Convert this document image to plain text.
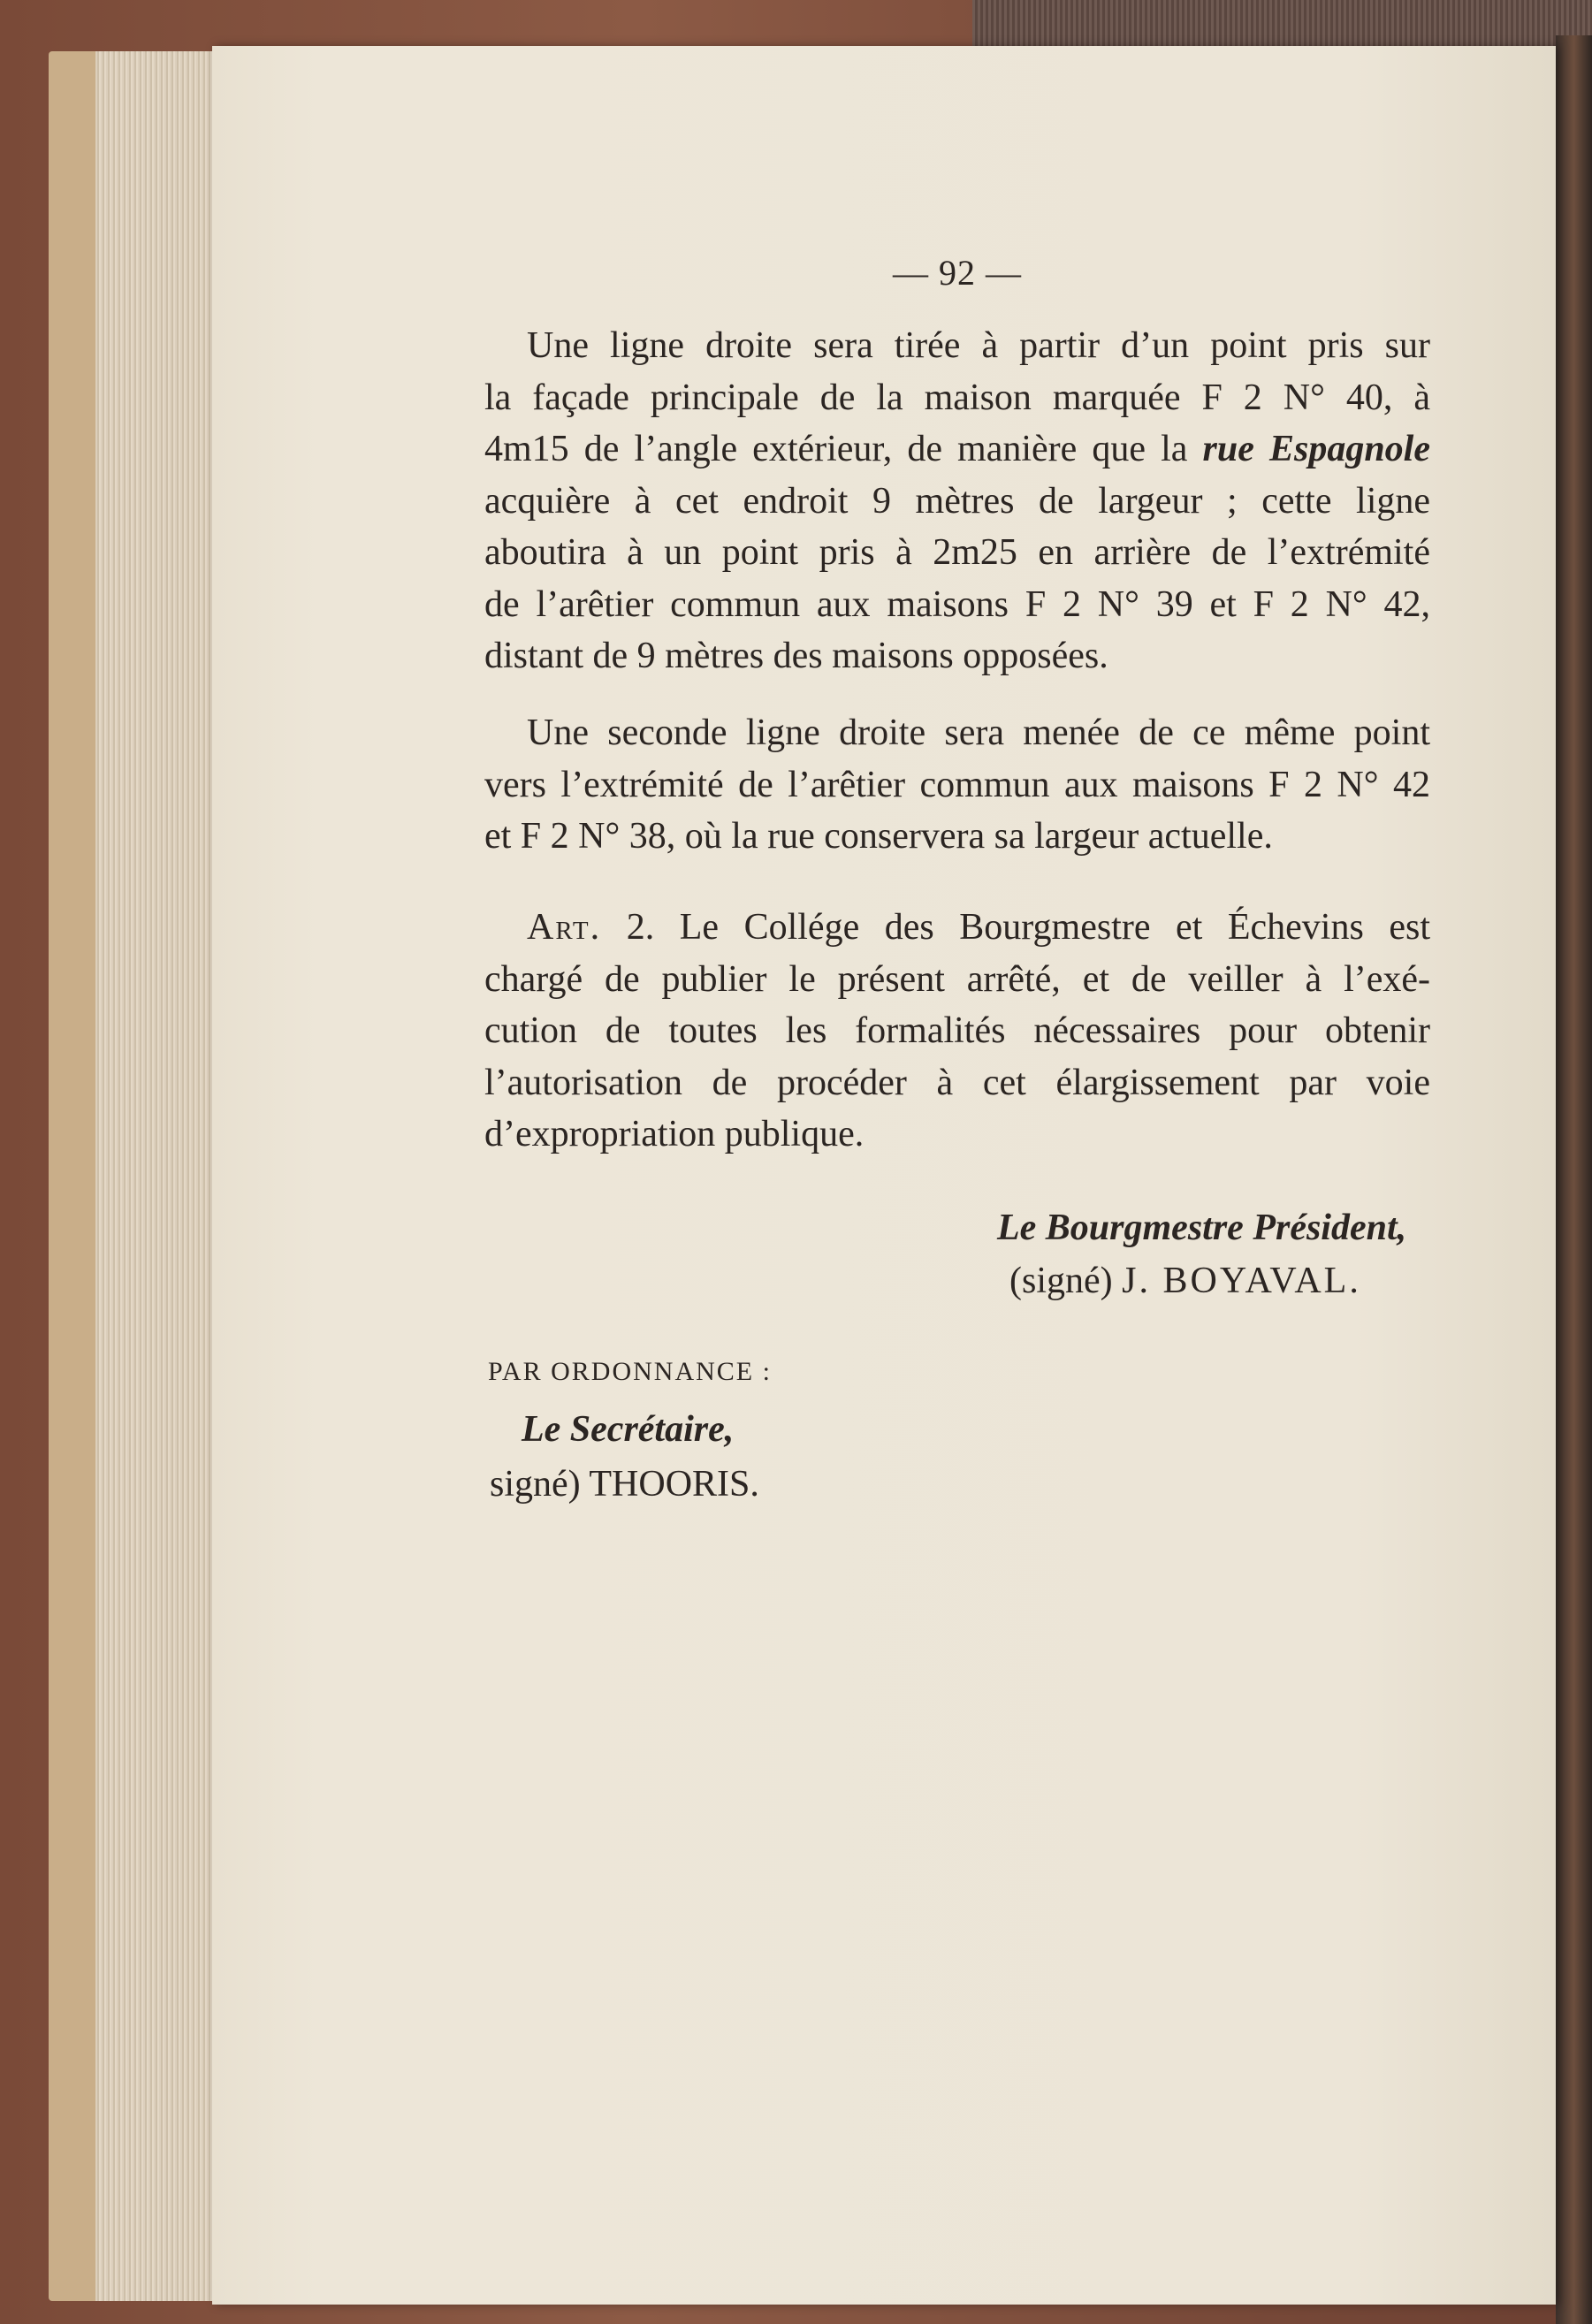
— 92 —
Une ligne droite sera tirée à partir d’un point pris sur
la façade principale de la maison marquée F 2 N° 40, à
4m15 de l’angle extérieur, de manière que la rue Espagnole
acquière à cet endroit 9 mètres de largeur ; cette ligne
aboutira à un point pris à 2m25 en arrière de l’extrémité
de l’arêtier commun aux maisons F 2 N° 39 et F 2 N° 42,
distant de 9 mètres des maisons opposées.
Une seconde ligne droite sera menée de ce même point
vers l’extrémité de l’arêtier commun aux maisons F 2 N° 42
et F 2 N° 38, où la rue conservera sa largeur actuelle.
Art. 2. Le Collége des Bourgmestre et Échevins est
chargé de publier le présent arrêté, et de veiller à l’exé-
cution de toutes les formalités nécessaires pour obtenir
l’autorisation de procéder à cet élargissement par voie
d’expropriation publique.
Le Bourgmestre Président,
(signé) J. BOYAVAL.
PAR ORDONNANCE :
Le Secrétaire,
signé) THOORIS.
